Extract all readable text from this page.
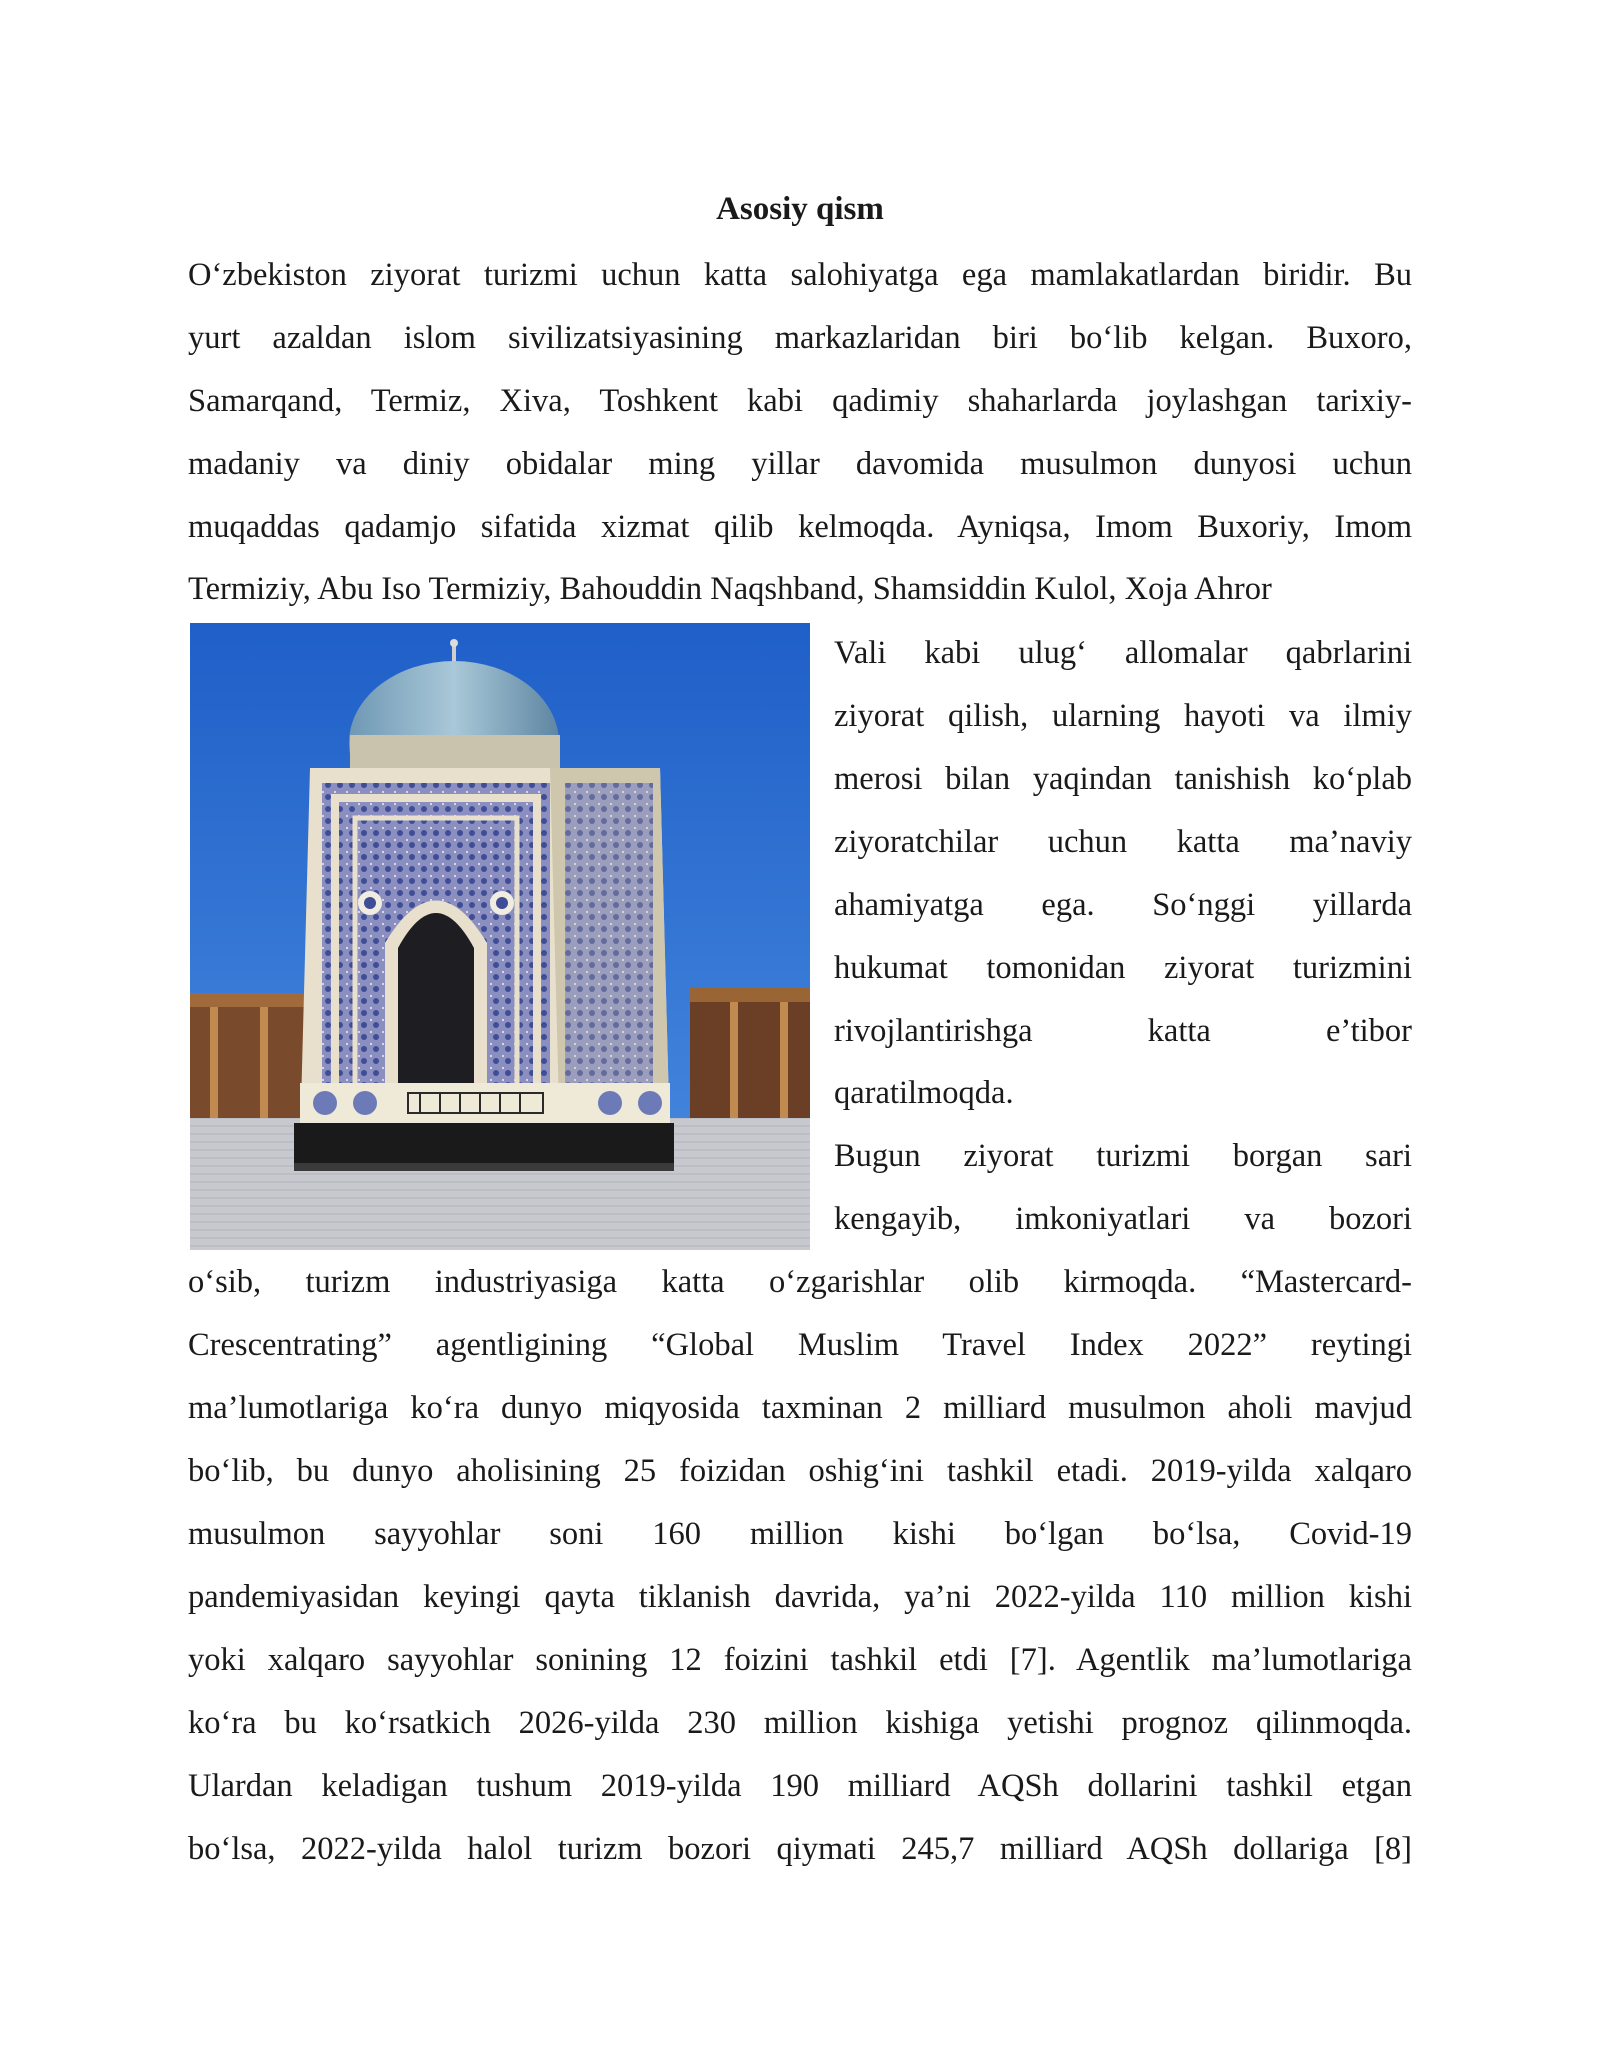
Asosiy qism
O‘zbekiston ziyorat turizmi uchun katta salohiyatga ega mamlakatlardan biridir. Bu
yurt azaldan islom sivilizatsiyasining markazlaridan biri bo‘lib kelgan. Buxoro,
Samarqand, Termiz, Xiva, Toshkent kabi qadimiy shaharlarda joylashgan tarixiy-
madaniy va diniy obidalar ming yillar davomida musulmon dunyosi uchun
muqaddas qadamjo sifatida xizmat qilib kelmoqda. Ayniqsa, Imom Buxoriy, Imom
Termiziy, Abu Iso Termiziy, Bahouddin Naqshband, Shamsiddin Kulol, Xoja Ahror
Vali kabi ulug‘ allomalar qabrlarini
ziyorat qilish, ularning hayoti va ilmiy
merosi bilan yaqindan tanishish ko‘plab
ziyoratchilar uchun katta ma’naviy
ahamiyatga ega. So‘nggi yillarda
hukumat tomonidan ziyorat turizmini
rivojlantirishga katta e’tibor
qaratilmoqda.
Bugun ziyorat turizmi borgan sari
kengayib, imkoniyatlari va bozori
o‘sib, turizm industriyasiga katta o‘zgarishlar olib kirmoqda. “Mastercard-
Crescentrating” agentligining “Global Muslim Travel Index 2022” reytingi
ma’lumotlariga ko‘ra dunyo miqyosida taxminan 2 milliard musulmon aholi mavjud
bo‘lib, bu dunyo aholisining 25 foizidan oshig‘ini tashkil etadi. 2019-yilda xalqaro
musulmon sayyohlar soni 160 million kishi bo‘lgan bo‘lsa, Covid-19
pandemiyasidan keyingi qayta tiklanish davrida, ya’ni 2022-yilda 110 million kishi
yoki xalqaro sayyohlar sonining 12 foizini tashkil etdi [7]. Agentlik ma’lumotlariga
ko‘ra bu ko‘rsatkich 2026-yilda 230 million kishiga yetishi prognoz qilinmoqda.
Ulardan keladigan tushum 2019-yilda 190 milliard AQSh dollarini tashkil etgan
bo‘lsa, 2022-yilda halol turizm bozori qiymati 245,7 milliard AQSh dollariga [8]
